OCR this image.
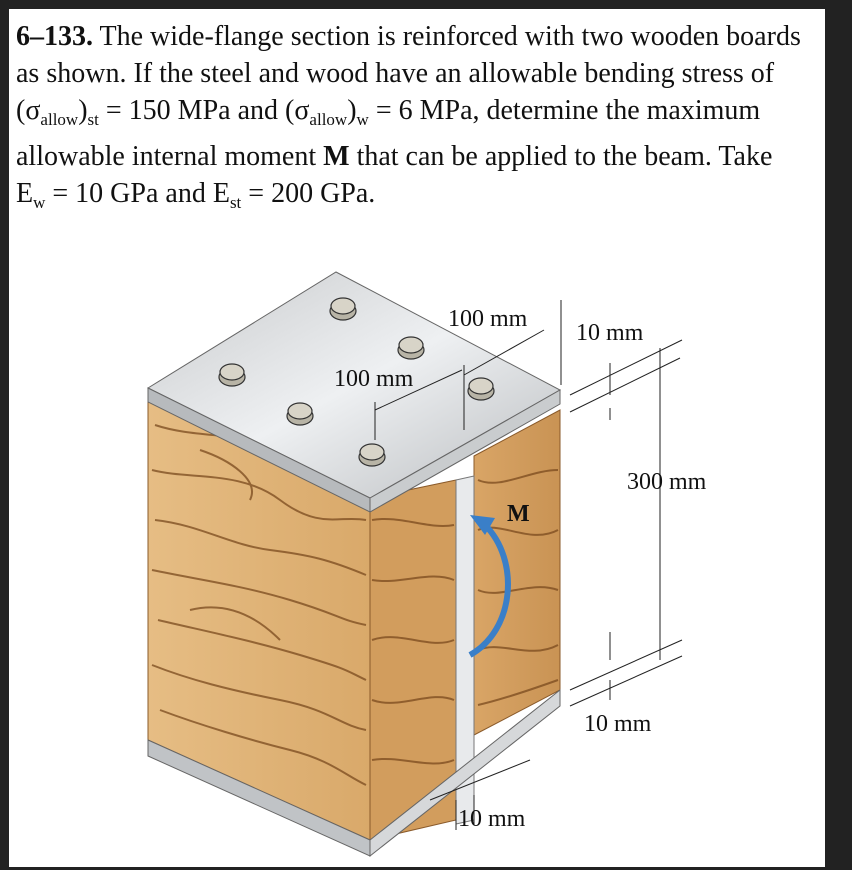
6–133. The wide-flange section is reinforced with two wooden boards as shown. If the steel and wood have an allowable bending stress of $(\sigma_{allow})_{st} = 150$ MPa and $(\sigma_{allow})_w = 6$ MPa, determine the maximum allowable internal moment M that can be applied to the beam. Take $E_w = 10$ GPa and $E_{st} = 200$ GPa.
100 mm
100 mm
10 mm
300 mm
M
10 mm
10 mm
